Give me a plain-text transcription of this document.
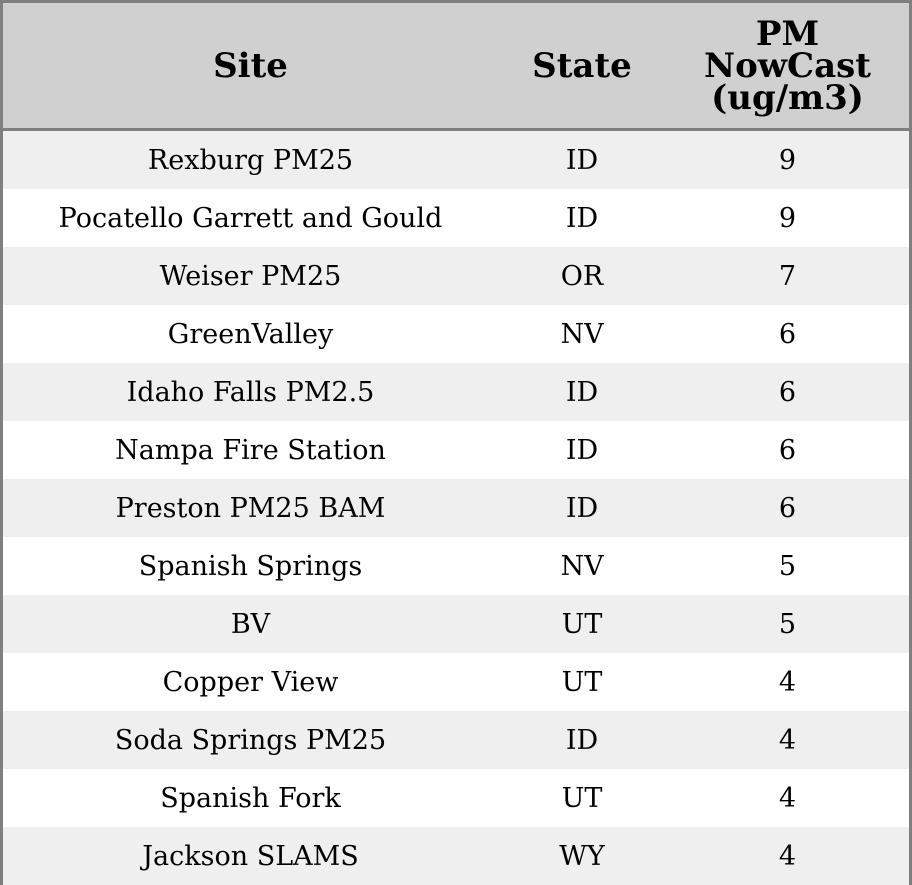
Site	State	PM
NowCast
(ug/m3)
Rexburg PM25	ID	9
Pocatello Garrett and Gould	ID	9
Weiser PM25	OR	7
GreenValley	NV	6
Idaho Falls PM2.5	ID	6
Nampa Fire Station	ID	6
Preston PM25 BAM	ID	6
Spanish Springs	NV	5
BV	UT	5
Copper View	UT	4
Soda Springs PM25	ID	4
Spanish Fork	UT	4
Jackson SLAMS	WY	4
